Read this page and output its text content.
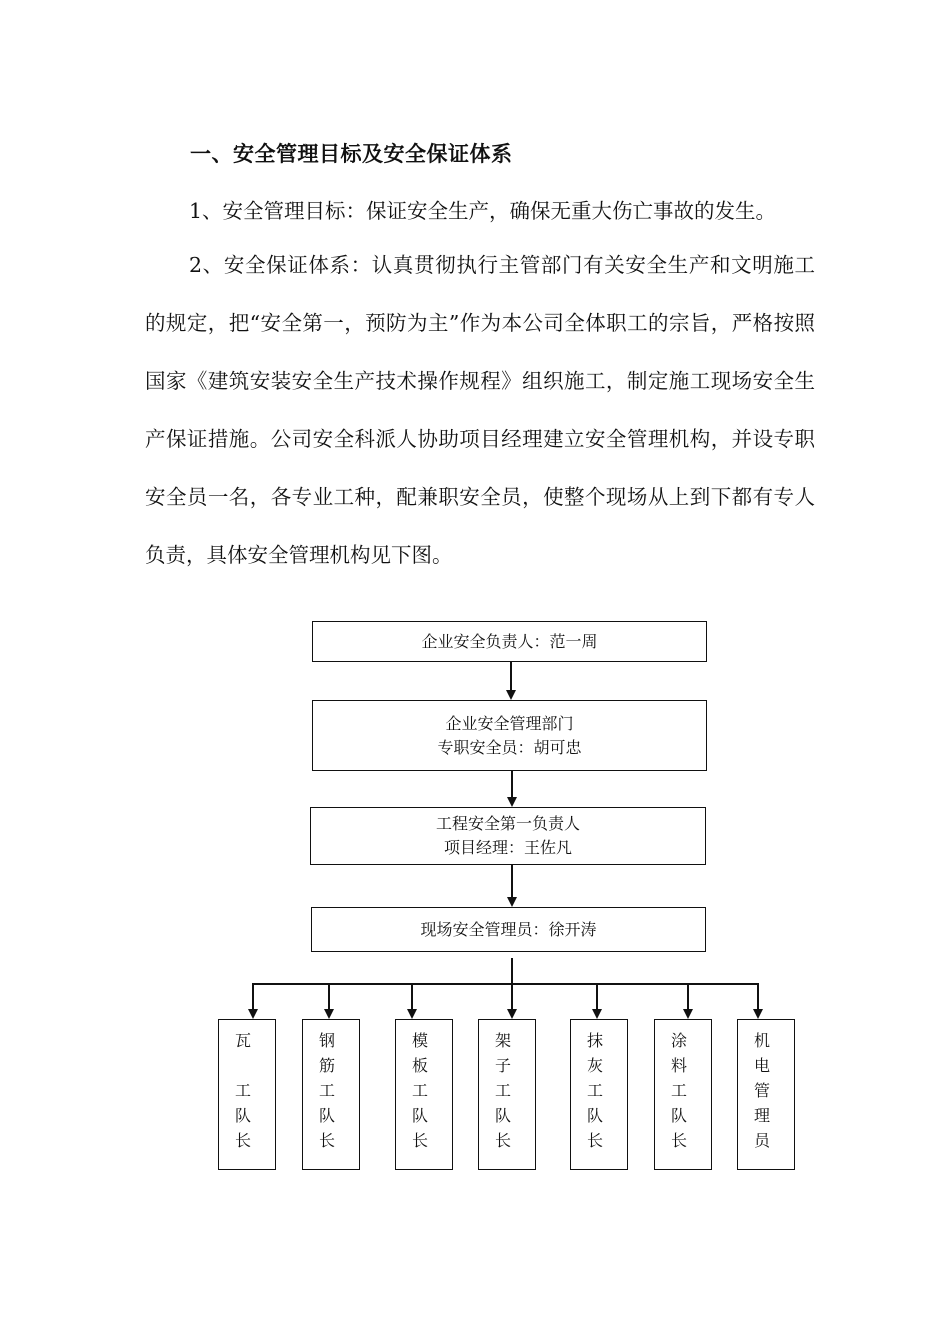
一、安全管理目标及安全保证体系
1、安全管理目标：保证安全生产，确保无重大伤亡事故的发生。
2、安全保证体系：认真贯彻执行主管部门有关安全生产和文明施工的规定，把“安全第一，预防为主”作为本公司全体职工的宗旨，严格按照国家《建筑安装安全生产技术操作规程》组织施工，制定施工现场安全生产保证措施。公司安全科派人协助项目经理建立安全管理机构，并设专职安全员一名，各专业工种，配兼职安全员，使整个现场从上到下都有专人负责，具体安全管理机构见下图。
企业安全负责人：范一周
企业安全管理部门
专职安全员：胡可忠
工程安全第一负责人
项目经理：王佐凡
现场安全管理员：徐开涛
瓦
工
队
长
钢
筋
工
队
长
模
板
工
队
长
架
子
工
队
长
抹
灰
工
队
长
涂
料
工
队
长
机
电
管
理
员
